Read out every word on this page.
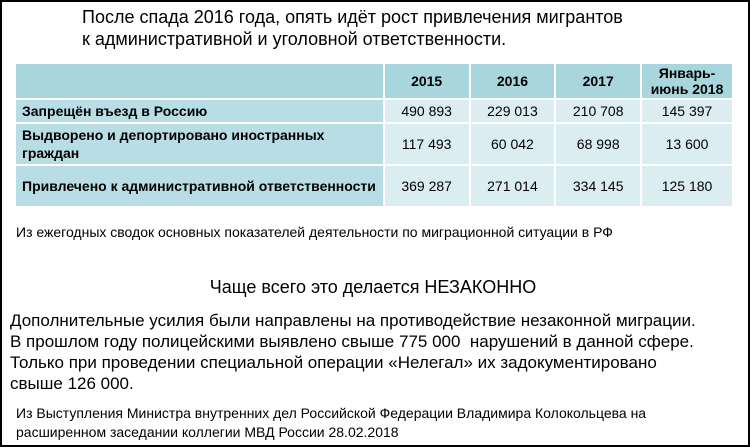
После спада 2016 года, опять идёт рост привлечения мигрантов
к административной и уголовной ответственности.
	2015	2016	2017	Январь-
июнь 2018
Запрещён въезд в Россию	490 893	229 013	210 708	145 397
Выдворено и депортировано иностранных граждан	117 493	60 042	68 998	13 600
Привлечено к административной ответственности	369 287	271 014	334 145	125 180
Из ежегодных сводок основных показателей деятельности по миграционной ситуации в РФ
Чаще всего это делается НЕЗАКОННО
Дополнительные усилия были направлены на противодействие незаконной миграции.
В прошлом году полицейскими выявлено свыше 775 000  нарушений в данной сфере.
Только при проведении специальной операции «Нелегал» их задокументировано
свыше 126 000.
Из Выступления Министра внутренних дел Российской Федерации Владимира Колокольцева на
расширенном заседании коллегии МВД России 28.02.2018
